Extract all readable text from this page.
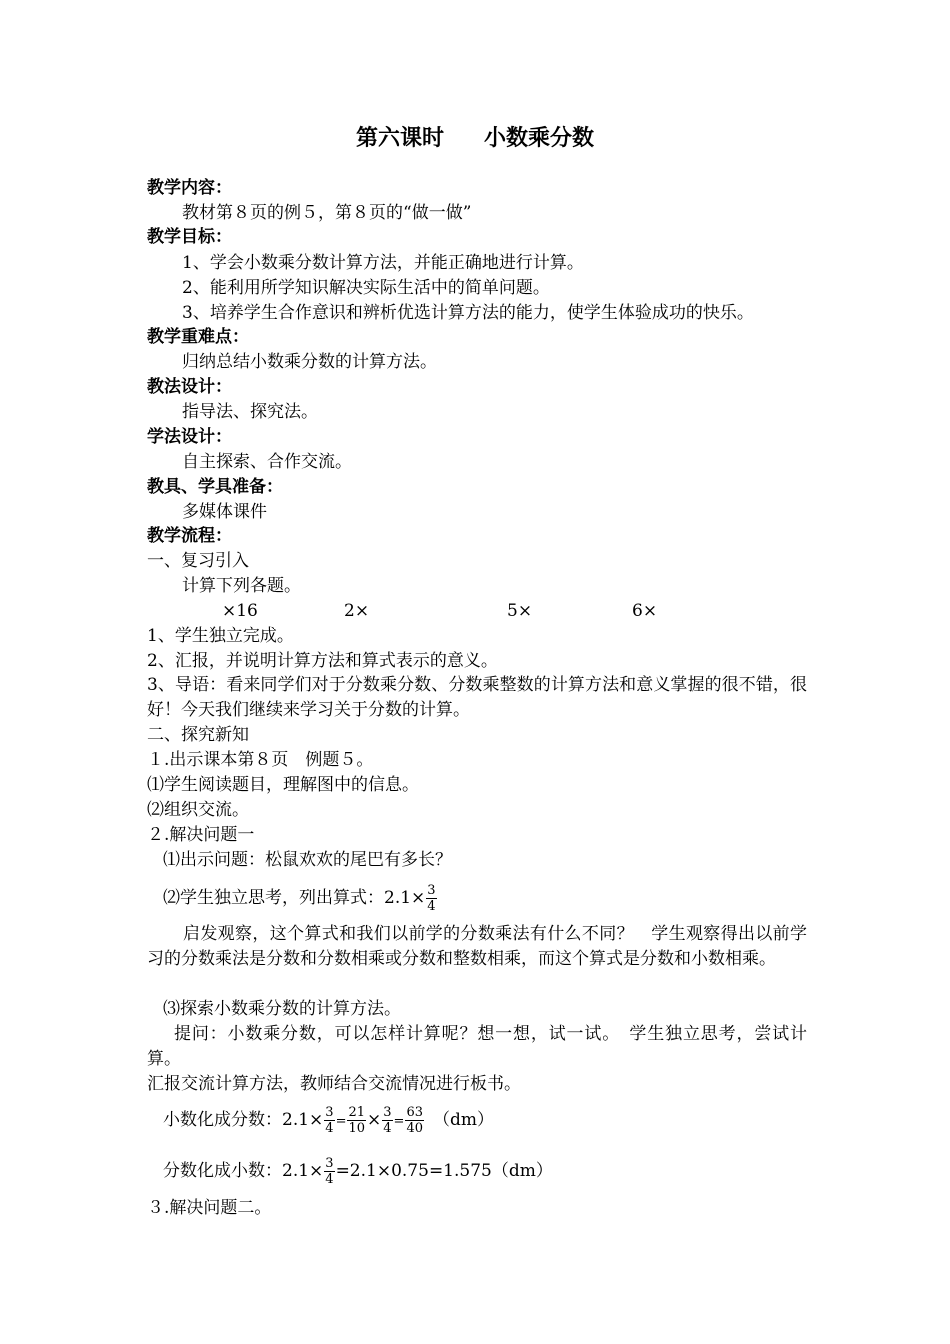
第六课时 小数乘分数
教学内容：
教材第８页的例５，第８页的“做一做”
教学目标：
1、学会小数乘分数计算方法，并能正确地进行计算。
2、能利用所学知识解决实际生活中的简单问题。
3、培养学生合作意识和辨析优选计算方法的能力，使学生体验成功的快乐。
教学重难点：
归纳总结小数乘分数的计算方法。
教法设计：
指导法、探究法。
学法设计：
自主探索、合作交流。
教具、学具准备：
多媒体课件
教学流程：
一、复习引入
计算下列各题。
×16	2×	5×	6×
1、学生独立完成。
2、汇报，并说明计算方法和算式表示的意义。
3、导语：看来同学们对于分数乘分数、分数乘整数的计算方法和意义掌握的很不错，很好！今天我们继续来学习关于分数的计算。
二、探究新知
１.出示课本第８页　例题５。
⑴学生阅读题目，理解图中的信息。
⑵组织交流。
２.解决问题一
⑴出示问题：松鼠欢欢的尾巴有多长？
⑵学生独立思考，列出算式：$2.1\times \frac{3}{4}$
启发观察，这个算式和我们以前学的分数乘法有什么不同？　学生观察得出以前学习的分数乘法是分数和分数相乘或分数和整数相乘，而这个算式是分数和小数相乘。
⑶探索小数乘分数的计算方法。
提问：小数乘分数，可以怎样计算呢？想一想，试一试。　学生独立思考，尝试计算。
汇报交流计算方法，教师结合交流情况进行板书。
小数化成分数：$2.1\times \frac{3}{4} = \frac{21}{10} \times \frac{3}{4} = \frac{63}{40} (dm)$
分数化成小数：$2.1\times \frac{3}{4} =2.1\times 0.75=1.575(dm)$
３.解决问题二。
